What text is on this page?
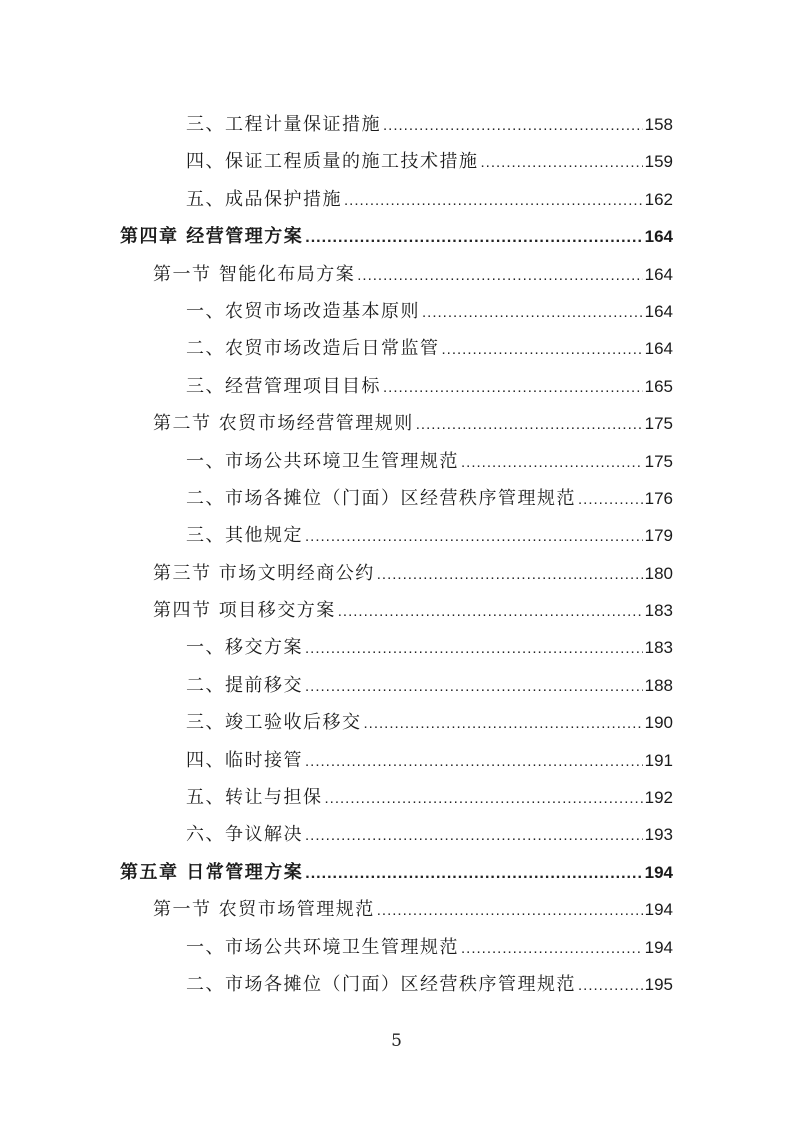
三、工程计量保证措施 .....	158
四、保证工程质量的施工技术措施 .....	159
五、成品保护措施 .....	162
第四章 经营管理方案 .....	164
第一节 智能化布局方案 .....	164
一、农贸市场改造基本原则 .....	164
二、农贸市场改造后日常监管 .....	164
三、经营管理项目目标 .....	165
第二节 农贸市场经营管理规则 .....	175
一、市场公共环境卫生管理规范 .....	175
二、市场各摊位（门面）区经营秩序管理规范 .....	176
三、其他规定 .....	179
第三节 市场文明经商公约 .....	180
第四节 项目移交方案 .....	183
一、移交方案 .....	183
二、提前移交 .....	188
三、竣工验收后移交 .....	190
四、临时接管 .....	191
五、转让与担保 .....	192
六、争议解决 .....	193
第五章 日常管理方案 .....	194
第一节 农贸市场管理规范 .....	194
一、市场公共环境卫生管理规范 .....	194
二、市场各摊位（门面）区经营秩序管理规范 .....	195
5
